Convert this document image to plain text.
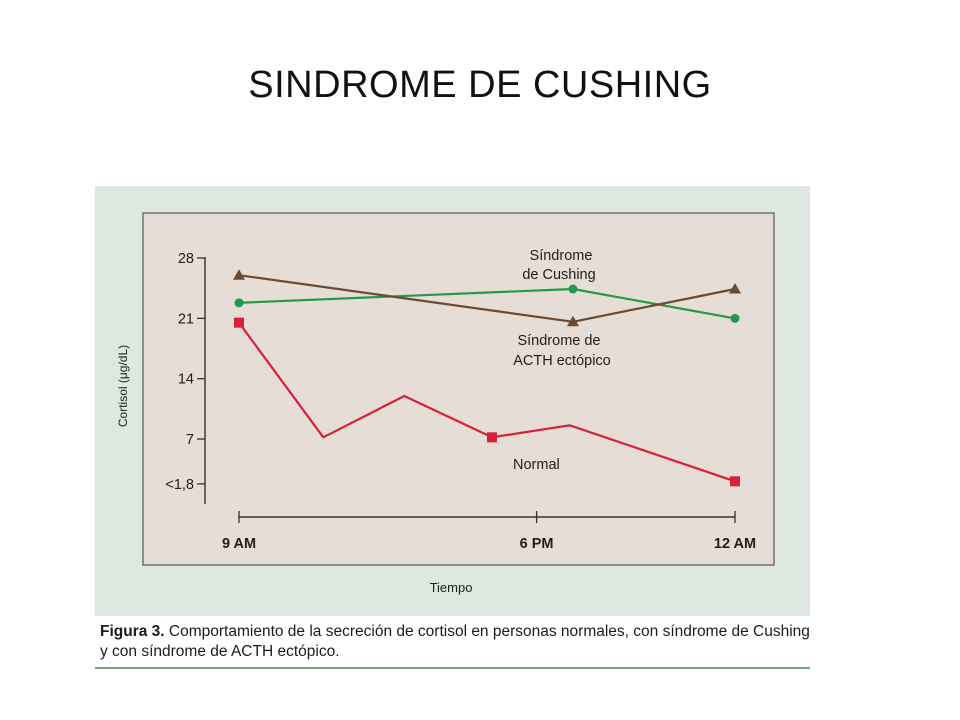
SINDROME DE CUSHING
28
21
14
7
<1,8
9 AM	6 PM	12 AM
Síndrome de Cushing
Síndrome de ACTH ectópico
Normal
Cortisol (μg/dL)
Tiempo
Figura 3. Comportamiento de la secreción de cortisol en personas normales, con síndrome de Cushing y con síndrome de ACTH ectópico.
